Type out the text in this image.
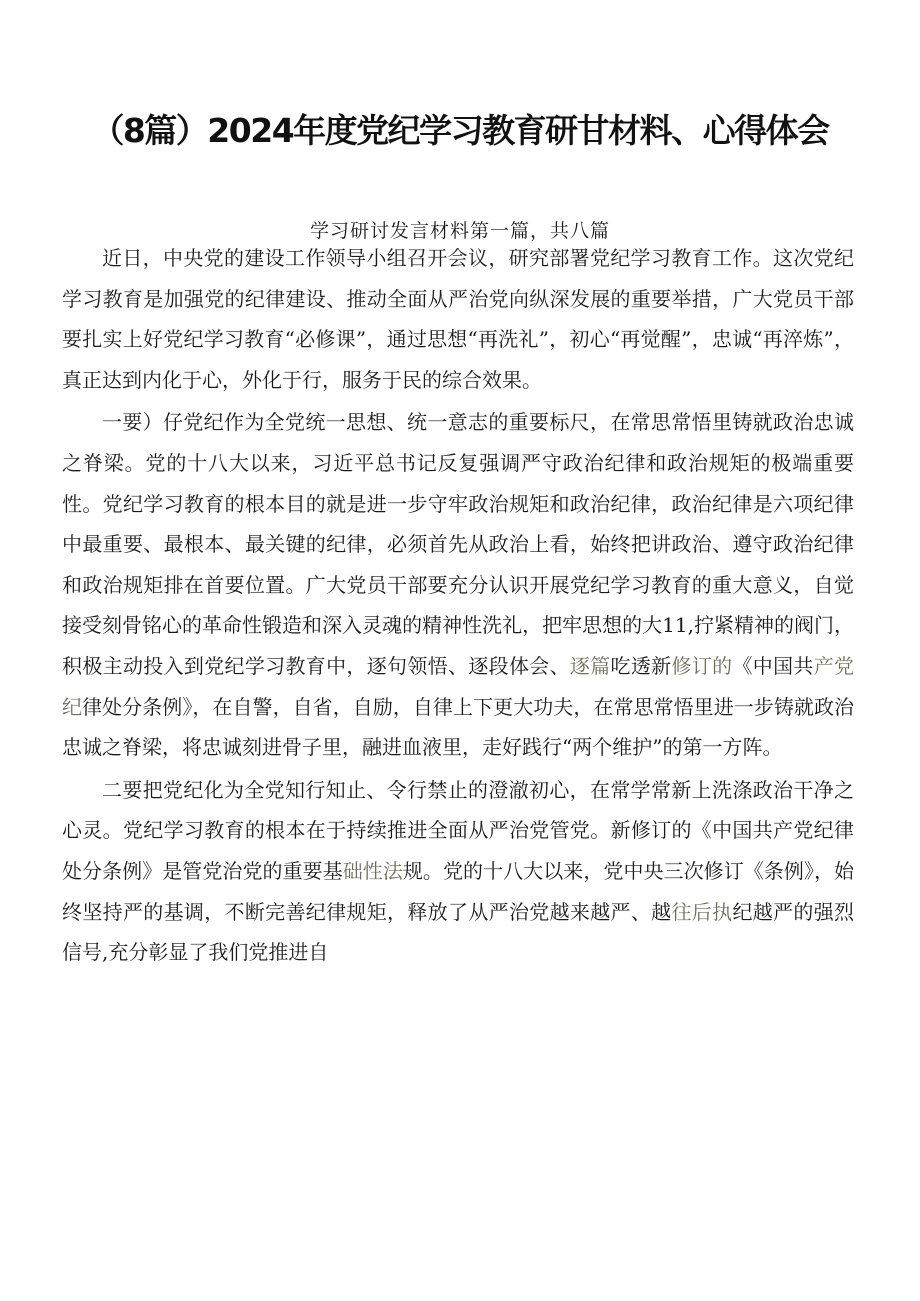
（8篇）2024年度党纪学习教育研甘材料、心得体会

学习研讨发言材料第一篇，共八篇

近日，中央党的建设工作领导小组召开会议，研究部署党纪学习教育工作。这次党纪学习教育是加强党的纪律建设、推动全面从严治党向纵深发展的重要举措，广大党员干部要扎实上好党纪学习教育“必修课”，通过思想“再洗礼”，初心“再觉醒”，忠诚“再淬炼”，真正达到内化于心，外化于行，服务于民的综合效果。

一要）仔党纪作为全党统一思想、统一意志的重要标尺，在常思常悟里铸就政治忠诚之脊梁。党的十八大以来，习近平总书记反复强调严守政治纪律和政治规矩的极端重要性。党纪学习教育的根本目的就是进一步守牢政治规矩和政治纪律，政治纪律是六项纪律中最重要、最根本、最关键的纪律，必须首先从政治上看，始终把讲政治、遵守政治纪律和政治规矩排在首要位置。广大党员干部要充分认识开展党纪学习教育的重大意义，自觉接受刻骨铭心的革命性锻造和深入灵魂的精神性洗礼，把牢思想的大11,拧紧精神的阀门，积极主动投入到党纪学习教育中，逐句领悟、逐段体会、逐篇吃透新修订的《中国共产党纪律处分条例》，在自警，自省，自励，自律上下更大功夫，在常思常悟里进一步铸就政治忠诚之脊梁，将忠诚刻进骨子里，融进血液里，走好践行“两个维护”的第一方阵。

二要把党纪化为全党知行知止、令行禁止的澄澈初心，在常学常新上洗涤政治干净之心灵。党纪学习教育的根本在于持续推进全面从严治党管党。新修订的《中国共产党纪律处分条例》是管党治党的重要基础性法规。党的十八大以来，党中央三次修订《条例》，始终坚持严的基调，不断完善纪律规矩，释放了从严治党越来越严、越往后执纪越严的强烈信号,充分彰显了我们党推进自
